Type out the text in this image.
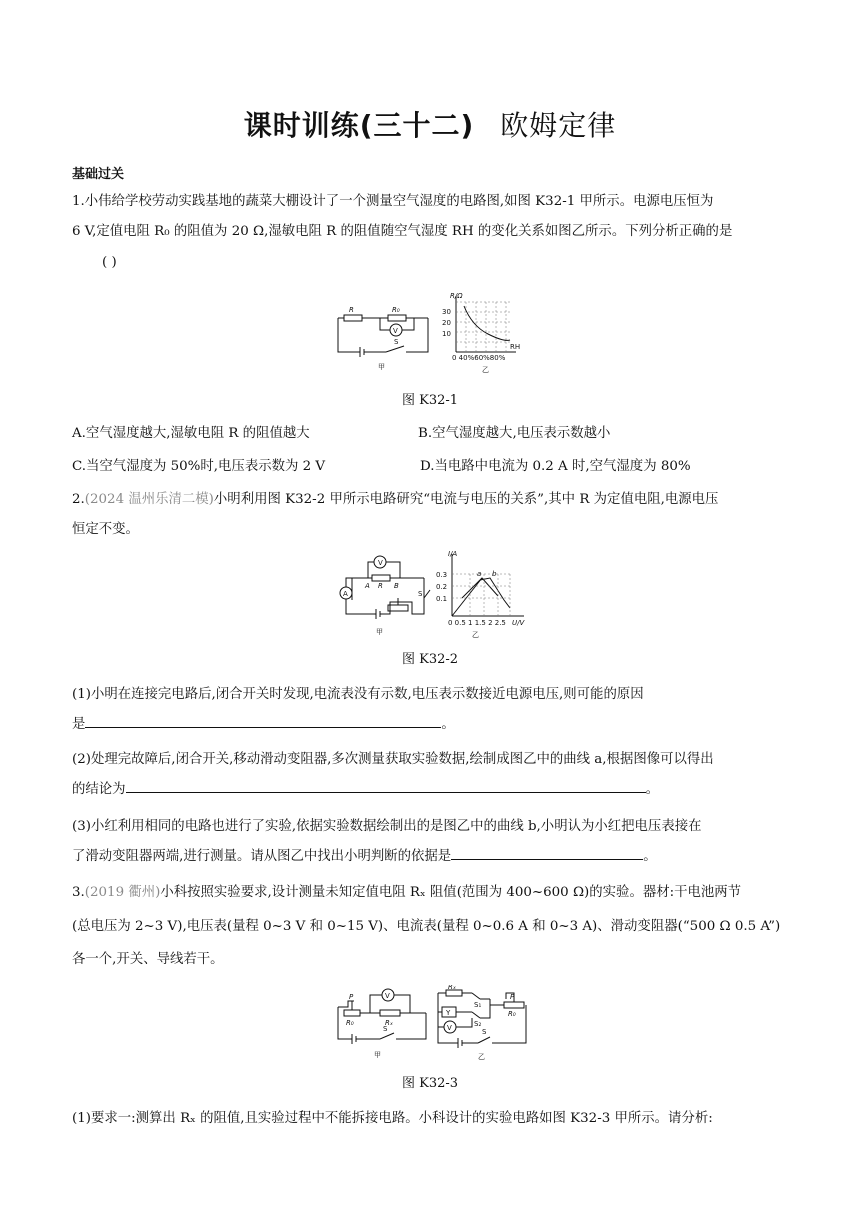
课时训练(三十二) 欧姆定律
基础过关
1.小伟给学校劳动实践基地的蔬菜大棚设计了一个测量空气湿度的电路图,如图 K32-1 甲所示。电源电压恒为
6 V,定值电阻 R₀ 的阻值为 20 Ω,湿敏电阻 R 的阻值随空气湿度 RH 的变化关系如图乙所示。下列分析正确的是
( )
R	R₀
V
S
甲	乙
R/Ω
RH
30
20
10
0 40%60%80%
图 K32-1
A.空气湿度越大,湿敏电阻 R 的阻值越大	B.空气湿度越大,电压表示数越小
C.当空气湿度为 50%时,电压表示数为 2 V	D.当电路中电流为 0.2 A 时,空气湿度为 80%
2.(2024 温州乐清二模)小明利用图 K32-2 甲所示电路研究“电流与电压的关系”,其中 R 为定值电阻,电源电压
恒定不变。
V
A
A R B
S
甲	乙
I/A
U/V
a b
0.3
0.2
0.1
0 0.5 1 1.5 2 2.5
图 K32-2
(1)小明在连接完电路后,闭合开关时发现,电流表没有示数,电压表示数接近电源电压,则可能的原因
是	。
(2)处理完故障后,闭合开关,移动滑动变阻器,多次测量获取实验数据,绘制成图乙中的曲线 a,根据图像可以得出
的结论为	。
(3)小红利用相同的电路也进行了实验,依据实验数据绘制出的是图乙中的曲线 b,小明认为小红把电压表接在
了滑动变阻器两端,进行测量。请从图乙中找出小明判断的依据是	。
3.(2019 衢州)小科按照实验要求,设计测量未知定值电阻 Rₓ 阻值(范围为 400~600 Ω)的实验。器材:干电池两节
(总电压为 2~3 V),电压表(量程 0~3 V 和 0~15 V)、电流表(量程 0~0.6 A 和 0~3 A)、滑动变阻器(“500 Ω 0.5 A”)
各一个,开关、导线若干。
V
P
R₀	Rₓ
S
甲
Rₓ
S₁
S₂
Y
V
P
R₀
S
乙
图 K32-3
(1)要求一:测算出 Rₓ 的阻值,且实验过程中不能拆接电路。小科设计的实验电路如图 K32-3 甲所示。请分析:
